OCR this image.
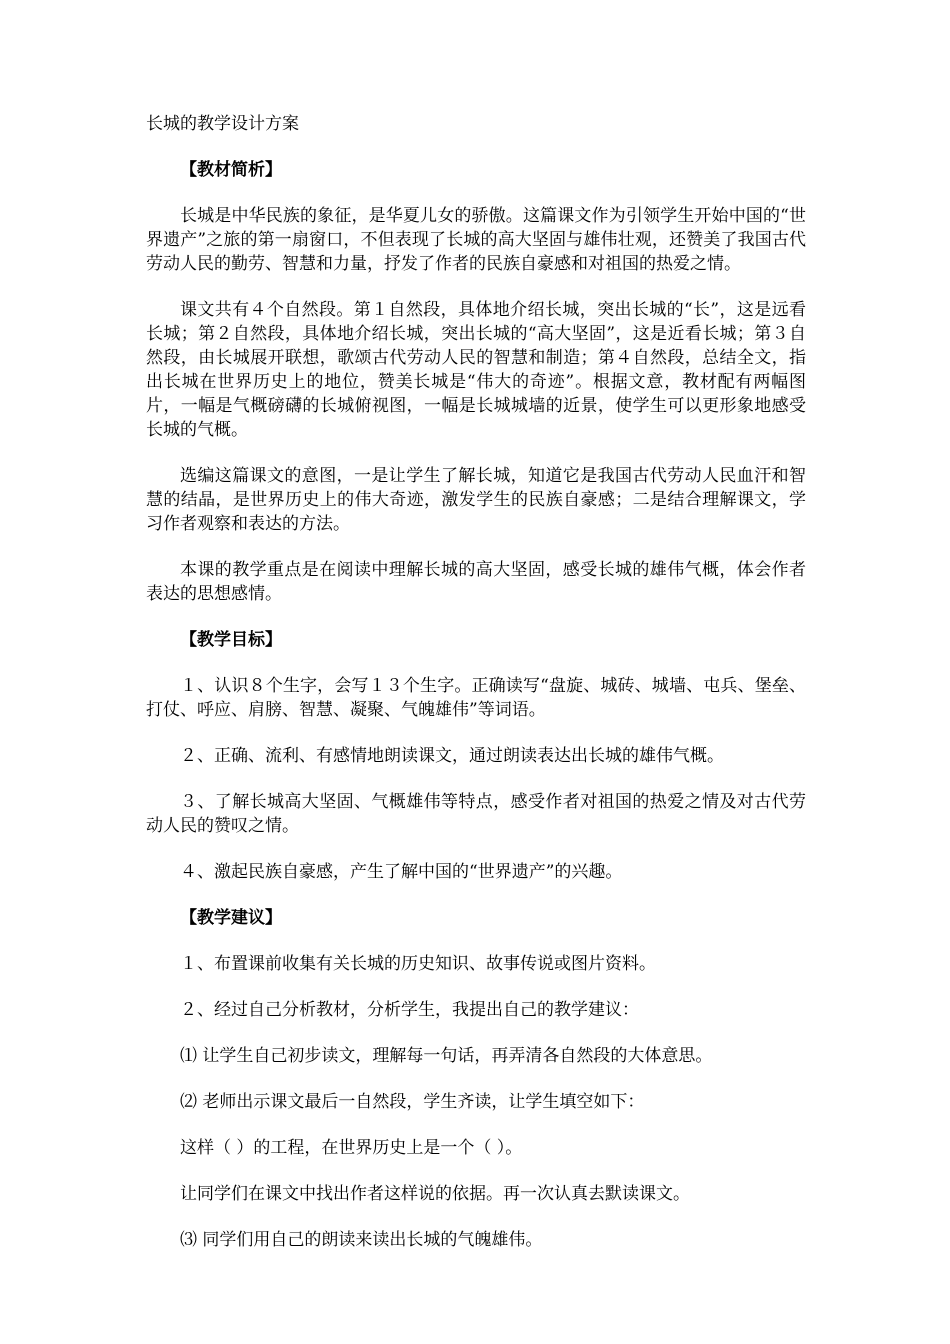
长城的教学设计方案

【教材简析】

长城是中华民族的象征，是华夏儿女的骄傲。这篇课文作为引领学生开始中国的“世界遗产”之旅的第一扇窗口，不但表现了长城的高大坚固与雄伟壮观，还赞美了我国古代劳动人民的勤劳、智慧和力量，抒发了作者的民族自豪感和对祖国的热爱之情。

课文共有４个自然段。第１自然段，具体地介绍长城，突出长城的“长”，这是远看长城；第２自然段，具体地介绍长城，突出长城的“高大坚固”，这是近看长城；第３自然段，由长城展开联想，歌颂古代劳动人民的智慧和制造；第４自然段，总结全文，指出长城在世界历史上的地位，赞美长城是“伟大的奇迹”。根据文意，教材配有两幅图片，一幅是气概磅礴的长城俯视图，一幅是长城城墙的近景，使学生可以更形象地感受长城的气概。

选编这篇课文的意图，一是让学生了解长城，知道它是我国古代劳动人民血汗和智慧的结晶，是世界历史上的伟大奇迹，激发学生的民族自豪感；二是结合理解课文，学习作者观察和表达的方法。

本课的教学重点是在阅读中理解长城的高大坚固，感受长城的雄伟气概，体会作者表达的思想感情。

【教学目标】

１、认识８个生字，会写１３个生字。正确读写“盘旋、城砖、城墙、屯兵、堡垒、打仗、呼应、肩膀、智慧、凝聚、气魄雄伟”等词语。

２、正确、流利、有感情地朗读课文，通过朗读表达出长城的雄伟气概。

３、了解长城高大坚固、气概雄伟等特点，感受作者对祖国的热爱之情及对古代劳动人民的赞叹之情。

４、激起民族自豪感，产生了解中国的“世界遗产”的兴趣。

【教学建议】

１、布置课前收集有关长城的历史知识、故事传说或图片资料。

２、经过自己分析教材，分析学生，我提出自己的教学建议：

⑴ 让学生自己初步读文，理解每一句话，再弄清各自然段的大体意思。

⑵ 老师出示课文最后一自然段，学生齐读，让学生填空如下：

这样（ ）的工程，在世界历史上是一个（ ）。

让同学们在课文中找出作者这样说的依据。再一次认真去默读课文。

⑶ 同学们用自己的朗读来读出长城的气魄雄伟。
